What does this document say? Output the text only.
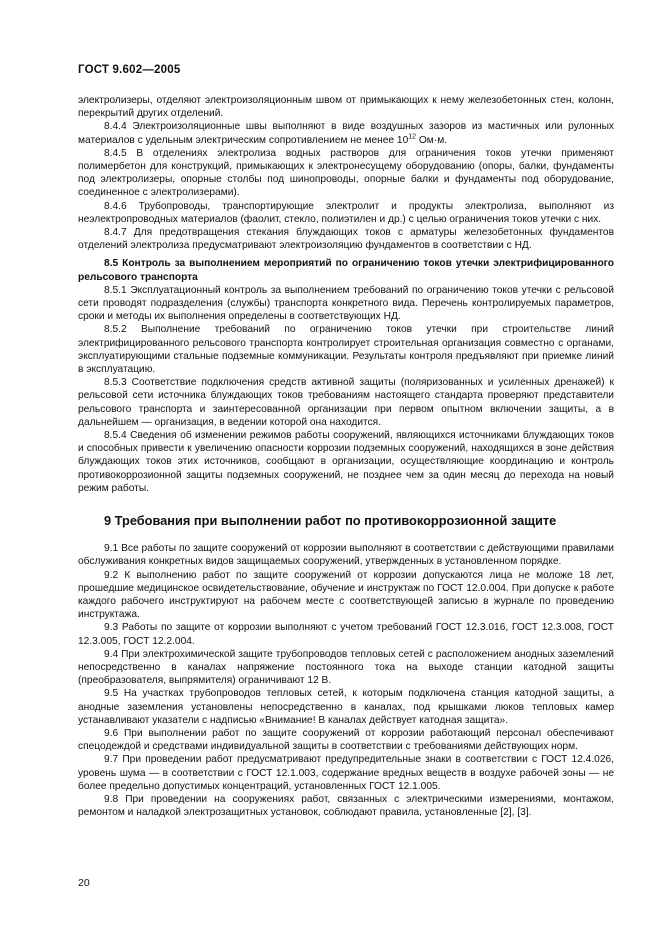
ГОСТ 9.602—2005

электролизеры, отделяют электроизоляционным швом от примыкающих к нему железобетонных стен, колонн, перекрытий других отделений.

8.4.4 Электроизоляционные швы выполняют в виде воздушных зазоров из мастичных или рулонных материалов с удельным электрическим сопротивлением не менее $10^{12}$ Ом·м.

8.4.5 В отделениях электролиза водных растворов для ограничения токов утечки применяют полимербетон для конструкций, примыкающих к электронесущему оборудованию (опоры, балки, фундаменты под электролизеры, опорные столбы под шинопроводы, опорные балки и фундаменты под оборудование, соединенное с электролизерами).

8.4.6 Трубопроводы, транспортирующие электролит и продукты электролиза, выполняют из неэлектропроводных материалов (фаолит, стекло, полиэтилен и др.) с целью ограничения токов утечки с них.

8.4.7 Для предотвращения стекания блуждающих токов с арматуры железобетонных фундаментов отделений электролиза предусматривают электроизоляцию фундаментов в соответствии с НД.

8.5 Контроль за выполнением мероприятий по ограничению токов утечки электрифицированного рельсового транспорта

8.5.1 Эксплуатационный контроль за выполнением требований по ограничению токов утечки с рельсовой сети проводят подразделения (службы) транспорта конкретного вида. Перечень контролируемых параметров, сроки и методы их выполнения определены в соответствующих НД.

8.5.2 Выполнение требований по ограничению токов утечки при строительстве линий электрифицированного рельсового транспорта контролирует строительная организация совместно с органами, эксплуатирующими стальные подземные коммуникации. Результаты контроля предъявляют при приемке линий в эксплуатацию.

8.5.3 Соответствие подключения средств активной защиты (поляризованных и усиленных дренажей) к рельсовой сети источника блуждающих токов требованиям настоящего стандарта проверяют представители рельсового транспорта и заинтересованной организации при первом опытном включении защиты, а в дальнейшем — организация, в ведении которой она находится.

8.5.4 Сведения об изменении режимов работы сооружений, являющихся источниками блуждающих токов и способных привести к увеличению опасности коррозии подземных сооружений, находящихся в зоне действия блуждающих токов этих источников, сообщают в организации, осуществляющие координацию и контроль противокоррозионной защиты подземных сооружений, не позднее чем за один месяц до перехода на новый режим работы.

9 Требования при выполнении работ по противокоррозионной защите

9.1 Все работы по защите сооружений от коррозии выполняют в соответствии с действующими правилами обслуживания конкретных видов защищаемых сооружений, утвержденных в установленном порядке.

9.2 К выполнению работ по защите сооружений от коррозии допускаются лица не моложе 18 лет, прошедшие медицинское освидетельствование, обучение и инструктаж по ГОСТ 12.0.004. При допуске к работе каждого рабочего инструктируют на рабочем месте с соответствующей записью в журнале по проведению инструктажа.

9.3 Работы по защите от коррозии выполняют с учетом требований ГОСТ 12.3.016, ГОСТ 12.3.008, ГОСТ 12.3.005, ГОСТ 12.2.004.

9.4 При электрохимической защите трубопроводов тепловых сетей с расположением анодных заземлений непосредственно в каналах напряжение постоянного тока на выходе станции катодной защиты (преобразователя, выпрямителя) ограничивают 12 В.

9.5 На участках трубопроводов тепловых сетей, к которым подключена станция катодной защиты, а анодные заземления установлены непосредственно в каналах, под крышками люков тепловых камер устанавливают указатели с надписью «Внимание! В каналах действует катодная защита».

9.6 При выполнении работ по защите сооружений от коррозии работающий персонал обеспечивают спецодеждой и средствами индивидуальной защиты в соответствии с требованиями действующих норм.

9.7 При проведении работ предусматривают предупредительные знаки в соответствии с ГОСТ 12.4.026, уровень шума — в соответствии с ГОСТ 12.1.003, содержание вредных веществ в воздухе рабочей зоны — не более предельно допустимых концентраций, установленных ГОСТ 12.1.005.

9.8 При проведении на сооружениях работ, связанных с электрическими измерениями, монтажом, ремонтом и наладкой электрозащитных установок, соблюдают правила, установленные [2], [3].

20
